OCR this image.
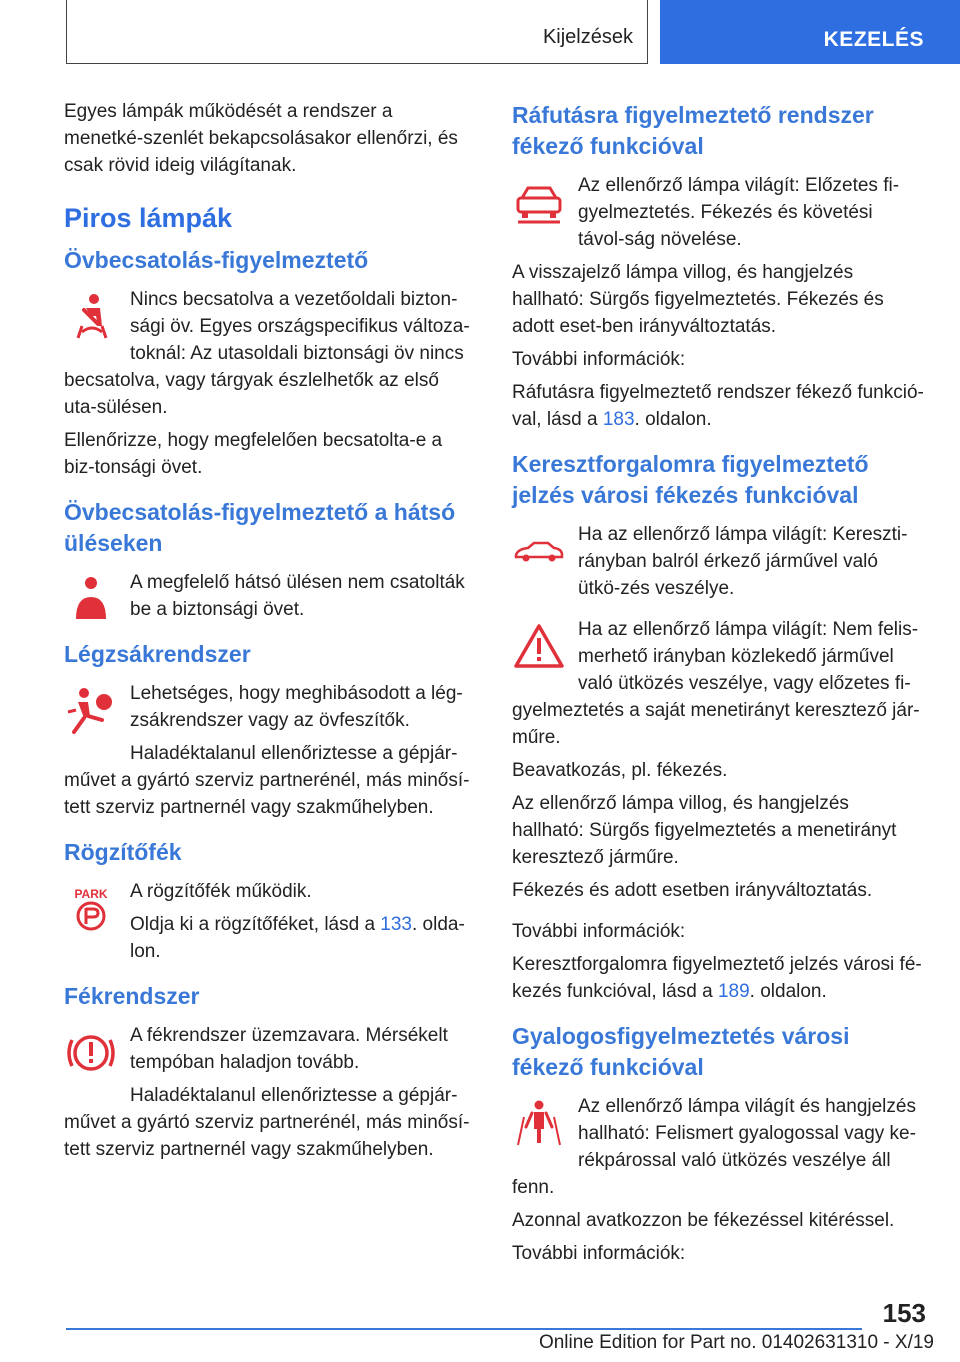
Kijelzések	KEZELÉS

Egyes lámpák működését a rendszer a menetké-szenlét bekapcsolásakor ellenőrzi, és csak rövid ideig világítanak.

Piros lámpák
Övbecsatolás-figyelmeztető

Nincs becsatolva a vezetőoldali bizton-

sági öv. Egyes országspecifikus változa-

toknál: Az utasoldali biztonsági öv nincs

becsatolva, vagy tárgyak észlelhetők az első uta-sülésen.

Ellenőrizze, hogy megfelelően becsatolta-e a biz-tonsági övet.

Övbecsatolás-figyelmeztető a hátsó üléseken

A megfelelő hátsó ülésen nem csatolták be a biztonsági övet.

Légzsákrendszer

Lehetséges, hogy meghibásodott a lég-zsákrendszer vagy az övfeszítők.

Haladéktalanul ellenőriztesse a gépjár-

művet a gyártó szerviz partnerénél, más minősí-tett szerviz partnernél vagy szakműhelyben.

Rögzítőfék
PARK	A rögzítőfék működik.

Oldja ki a rögzítőféket, lásd a 133. olda-lon.

Fékrendszer

A fékrendszer üzemzavara. Mérsékelt tempóban haladjon tovább.

Haladéktalanul ellenőriztesse a gépjár-

művet a gyártó szerviz partnerénél, más minősí-tett szerviz partnernél vagy szakműhelyben.

Ráfutásra figyelmeztető rendszer fékező funkcióval

Az ellenőrző lámpa világít: Előzetes fi-gyelmeztetés. Fékezés és követési távol-ság növelése.

A visszajelző lámpa villog, és hangjelzés hallható: Sürgős figyelmeztetés. Fékezés és adott eset-ben irányváltoztatás.

További információk:

Ráfutásra figyelmeztető rendszer fékező funkció-val, lásd a 183. oldalon.

Keresztforgalomra figyelmeztető jelzés városi fékezés funkcióval

Ha az ellenőrző lámpa világít: Kereszti-rányban balról érkező járművel való ütkö-zés veszélye.

Ha az ellenőrző lámpa világít: Nem felis-

merhető irányban közlekedő járművel

való ütközés veszélye, vagy előzetes fi-

gyelmeztetés a saját menetirányt keresztező jár-műre.

Beavatkozás, pl. fékezés.

Az ellenőrző lámpa villog, és hangjelzés hallható: Sürgős figyelmeztetés a menetirányt keresztező járműre.

Fékezés és adott esetben irányváltoztatás.

További információk:

Keresztforgalomra figyelmeztető jelzés városi fé-kezés funkcióval, lásd a 189. oldalon.

Gyalogosfigyelmeztetés városi fékező funkcióval

Az ellenőrző lámpa világít és hangjelzés

hallható: Felismert gyalogossal vagy ke-

rékpárossal való ütközés veszélye áll

fenn.

Azonnal avatkozzon be fékezéssel kitéréssel.

További információk:

153
Online Edition for Part no. 01402631310 - X/19
